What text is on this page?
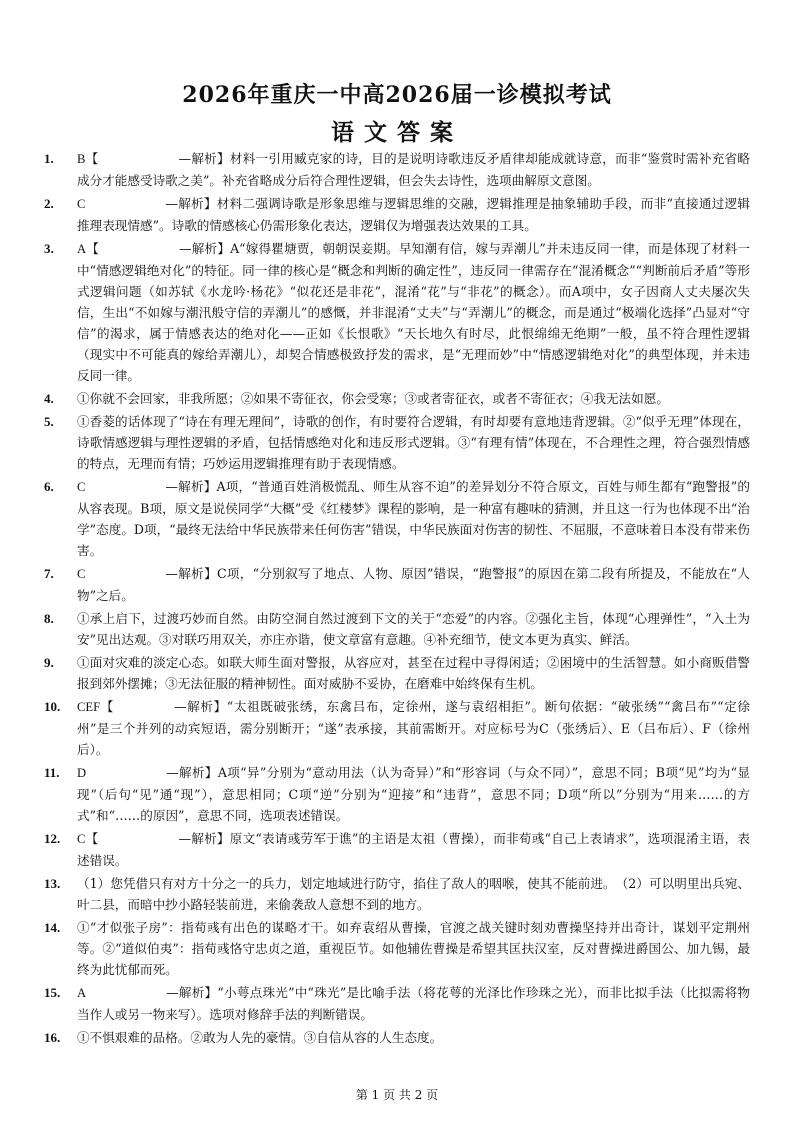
2026年重庆一中高2026届一诊模拟考试
语文答案
1.	B【	—解析】材料一引用臧克家的诗，目的是说明诗歌违反矛盾律却能成就诗意，而非“鉴赏时需补充省略成分才能感受诗歌之美”。补充省略成分后符合理性逻辑，但会失去诗性，选项曲解原文意图。
2.	C	—解析】材料二强调诗歌是形象思维与逻辑思维的交融，逻辑推理是抽象辅助手段，而非“直接通过逻辑推理表现情感”。诗歌的情感核心仍需形象化表达，逻辑仅为增强表达效果的工具。
3.	A【	—解析】A“嫁得瞿塘贾，朝朝误妾期。早知潮有信，嫁与弄潮儿”并未违反同一律，而是体现了材料一中“情感逻辑绝对化”的特征。同一律的核心是“概念和判断的确定性”，违反同一律需存在“混淆概念”“判断前后矛盾”等形式逻辑问题（如苏轼《水龙吟·杨花》“似花还是非花”，混淆“花”与“非花”的概念）。而A项中，女子因商人丈夫屡次失信，生出“不如嫁与潮汛般守信的弄潮儿”的感慨，并非混淆“丈夫”与“弄潮儿”的概念，而是通过“极端化选择”凸显对“守信”的渴求，属于情感表达的绝对化——正如《长恨歌》“天长地久有时尽，此恨绵绵无绝期”一般，虽不符合理性逻辑（现实中不可能真的嫁给弄潮儿），却契合情感极致抒发的需求，是“无理而妙”中“情感逻辑绝对化”的典型体现，并未违反同一律。
4.	①你就不会回家，非我所愿；②如果不寄征衣，你会受寒；③或者寄征衣，或者不寄征衣；④我无法如愿。
5.	①香菱的话体现了“诗在有理无理间”，诗歌的创作，有时要符合逻辑，有时却要有意地违背逻辑。②“似乎无理”体现在，诗歌情感逻辑与理性逻辑的矛盾，包括情感绝对化和违反形式逻辑。③“有理有情”体现在，不合理性之理，符合强烈情感的特点，无理而有情；巧妙运用逻辑推理有助于表现情感。
6.	C	—解析】A项，“普通百姓消极慌乱、师生从容不迫”的差异划分不符合原文，百姓与师生都有“跑警报”的从容表现。B项，原文是说侯同学“大概”受《红楼梦》课程的影响，是一种富有趣味的猜测，并且这一行为也体现不出“治学”态度。D项，“最终无法给中华民族带来任何伤害”错误，中华民族面对伤害的韧性、不屈服，不意味着日本没有带来伤害。
7.	C	—解析】C项，“分别叙写了地点、人物、原因”错误，“跑警报”的原因在第二段有所提及，不能放在“人物”之后。
8.	①承上启下，过渡巧妙而自然。由防空洞自然过渡到下文的关于“恋爱”的内容。②强化主旨，体现“心理弹性”，“入土为安”见出达观。③对联巧用双关，亦庄亦谐，使文章富有意趣。④补充细节，使文本更为真实、鲜活。
9.	①面对灾难的淡定心态。如联大师生面对警报，从容应对，甚至在过程中寻得闲适；②困境中的生活智慧。如小商贩借警报到郊外摆摊；③无法征服的精神韧性。面对威胁不妥协，在磨难中始终保有生机。
10.	CEF【	—解析】“太祖既破张绣，东禽吕布，定徐州，遂与袁绍相拒”。断句依据：“破张绣”“禽吕布”“定徐州”是三个并列的动宾短语，需分别断开；“遂”表承接，其前需断开。对应标号为C（张绣后）、E（吕布后）、F（徐州后）。
11.	D	—解析】A项“异”分别为“意动用法（认为奇异）”和“形容词（与众不同）”，意思不同；B项“见”均为“显现”（后句“见”通“现”），意思相同；C项“逆”分别为“迎接”和“违背”，意思不同；D项“所以”分别为“用来……的方式”和“……的原因”，意思不同，选项表述错误。
12.	C【	—解析】原文“表请彧劳军于谯”的主语是太祖（曹操），而非荀彧“自己上表请求”，选项混淆主语，表述错误。
13.	（1）您凭借只有对方十分之一的兵力，划定地域进行防守，掐住了敌人的咽喉，使其不能前进。　（2）可以明里出兵宛、叶二县，而暗中抄小路轻装前进，来偷袭敌人意想不到的地方。
14.	①“才似张子房”：指荀彧有出色的谋略才干。如弃袁绍从曹操，官渡之战关键时刻劝曹操坚持并出奇计，谋划平定荆州等。②“道似伯夷”：指荀彧恪守忠贞之道，重视臣节。如他辅佐曹操是希望其匡扶汉室，反对曹操进爵国公、加九锡，最终为此忧郁而死。
15.	A	—解析】“小萼点珠光”中“珠光”是比喻手法（将花萼的光泽比作珍珠之光），而非比拟手法（比拟需将物当作人或另一物来写）。选项对修辞手法的判断错误。
16.	①不惧艰难的品格。②敢为人先的豪情。③自信从容的人生态度。
第 1 页 共 2 页
